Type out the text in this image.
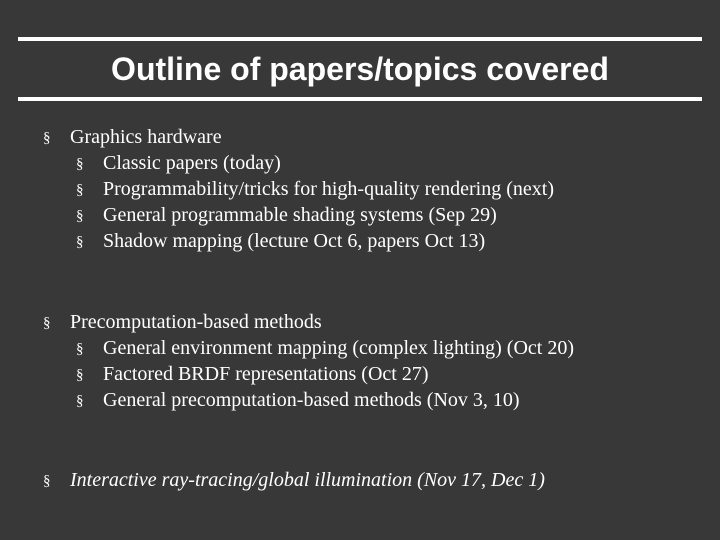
Outline of papers/topics covered
§ Graphics hardware
§ Classic papers (today)
§ Programmability/tricks for high-quality rendering (next)
§ General programmable shading systems (Sep 29)
§ Shadow mapping (lecture Oct 6, papers Oct 13)
§ Precomputation-based methods
§ General environment mapping (complex lighting) (Oct 20)
§ Factored BRDF representations (Oct 27)
§ General precomputation-based methods (Nov 3, 10)
§ Interactive ray-tracing/global illumination (Nov 17, Dec 1)
